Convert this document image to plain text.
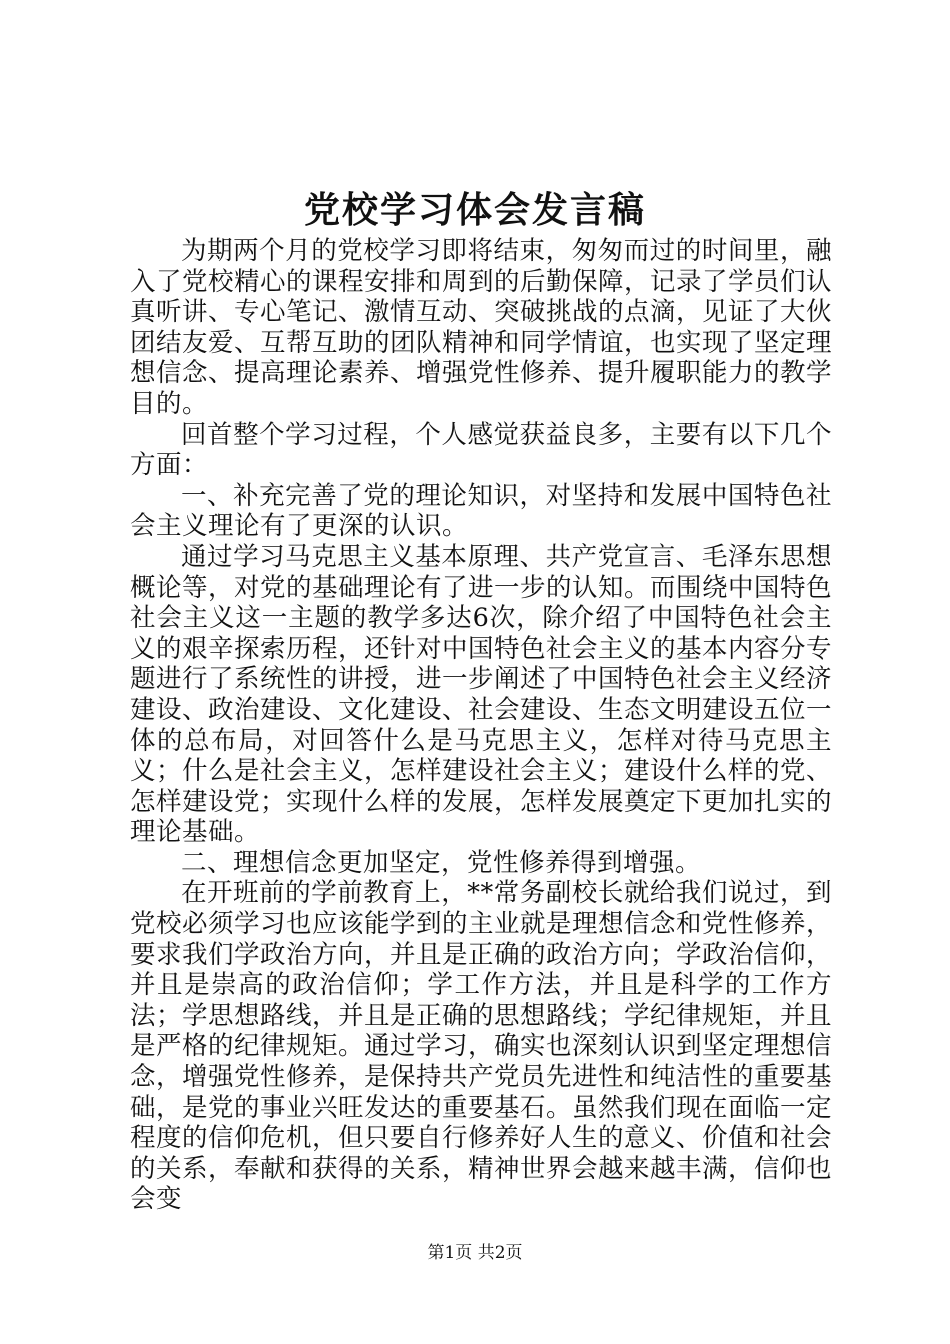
党校学习体会发言稿

为期两个月的党校学习即将结束，匆匆而过的时间里，融入了党校精心的课程安排和周到的后勤保障，记录了学员们认真听讲、专心笔记、激情互动、突破挑战的点滴，见证了大伙团结友爱、互帮互助的团队精神和同学情谊，也实现了坚定理想信念、提高理论素养、增强党性修养、提升履职能力的教学目的。

回首整个学习过程，个人感觉获益良多，主要有以下几个方面：

一、补充完善了党的理论知识，对坚持和发展中国特色社会主义理论有了更深的认识。

通过学习马克思主义基本原理、共产党宣言、毛泽东思想概论等，对党的基础理论有了进一步的认知。而围绕中国特色社会主义这一主题的教学多达6次，除介绍了中国特色社会主义的艰辛探索历程，还针对中国特色社会主义的基本内容分专题进行了系统性的讲授，进一步阐述了中国特色社会主义经济建设、政治建设、文化建设、社会建设、生态文明建设五位一体的总布局，对回答什么是马克思主义，怎样对待马克思主义；什么是社会主义，怎样建设社会主义；建设什么样的党、怎样建设党；实现什么样的发展，怎样发展奠定下更加扎实的理论基础。

二、理想信念更加坚定，党性修养得到增强。

在开班前的学前教育上，**常务副校长就给我们说过，到党校必须学习也应该能学到的主业就是理想信念和党性修养，要求我们学政治方向，并且是正确的政治方向；学政治信仰，并且是崇高的政治信仰；学工作方法，并且是科学的工作方法；学思想路线，并且是正确的思想路线；学纪律规矩，并且是严格的纪律规矩。通过学习，确实也深刻认识到坚定理想信念，增强党性修养，是保持共产党员先进性和纯洁性的重要基础，是党的事业兴旺发达的重要基石。虽然我们现在面临一定程度的信仰危机，但只要自行修养好人生的意义、价值和社会的关系，奉献和获得的关系，精神世界会越来越丰满，信仰也会变

第1页 共2页
